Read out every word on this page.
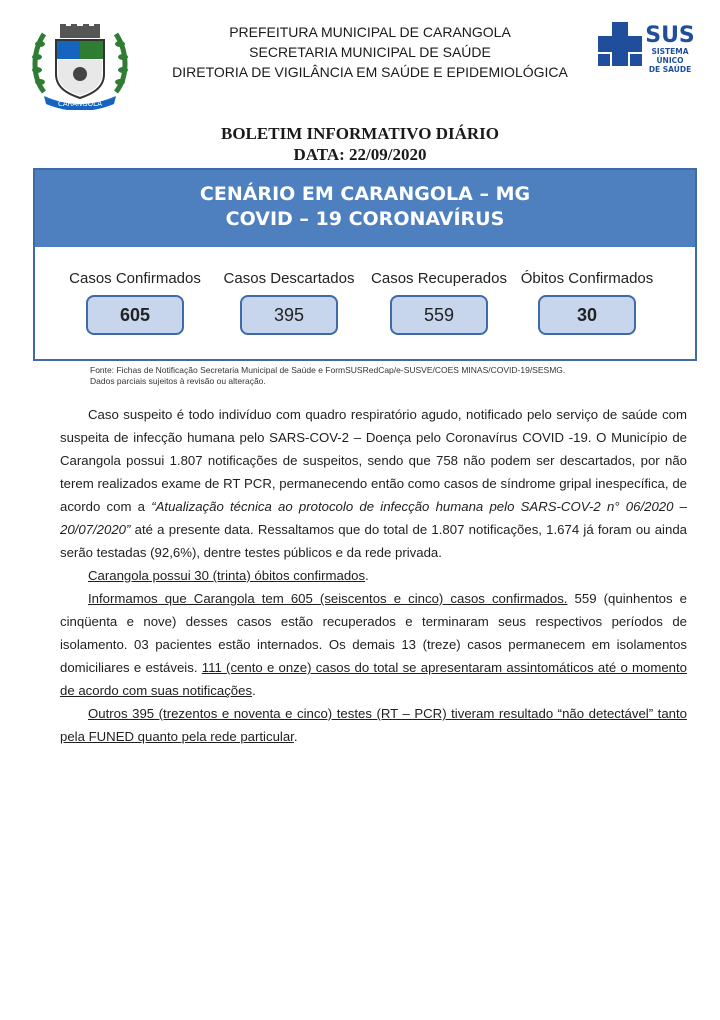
CARANGOLA
PREFEITURA MUNICIPAL DE CARANGOLA
SECRETARIA MUNICIPAL DE SAÚDE
DIRETORIA DE VIGILÂNCIA EM SAÚDE E EPIDEMIOLÓGICA
SUS
SISTEMA
ÚNICO
DE SAÚDE
BOLETIM INFORMATIVO DIÁRIO
DATA: 22/09/2020
CENÁRIO EM CARANGOLA – MG
COVID – 19 CORONAVÍRUS
Casos Confirmados
605
Casos Descartados
395
Casos Recuperados
559
Óbitos Confirmados
30
Fonte: Fichas de Notificação Secretaria Municipal de Saúde e FormSUSRedCap/e-SUSVE/COES MINAS/COVID-19/SESMG.
Dados parciais sujeitos à revisão ou alteração.

Caso suspeito é todo indivíduo com quadro respiratório agudo, notificado pelo serviço de saúde com suspeita de infecção humana pelo SARS-COV-2 – Doença pelo Coronavírus COVID -19. O Município de Carangola possui 1.807 notificações de suspeitos, sendo que 758 não podem ser descartados, por não terem realizados exame de RT PCR, permanecendo então como casos de síndrome gripal inespecífica, de acordo com a “Atualização técnica ao protocolo de infecção humana pelo SARS-COV-2 n° 06/2020 – 20/07/2020” até a presente data. Ressaltamos que do total de 1.807 notificações, 1.674 já foram ou ainda serão testadas (92,6%), dentre testes públicos e da rede privada.

Carangola possui 30 (trinta) óbitos confirmados.

Informamos que Carangola tem 605 (seiscentos e cinco) casos confirmados. 559 (quinhentos e cinqüenta e nove) desses casos estão recuperados e terminaram seus respectivos períodos de isolamento. 03 pacientes estão internados. Os demais 13 (treze) casos permanecem em isolamentos domiciliares e estáveis. 111 (cento e onze) casos do total se apresentaram assintomáticos até o momento de acordo com suas notificações.

Outros 395 (trezentos e noventa e cinco) testes (RT – PCR) tiveram resultado “não detectável” tanto pela FUNED quanto pela rede particular.
